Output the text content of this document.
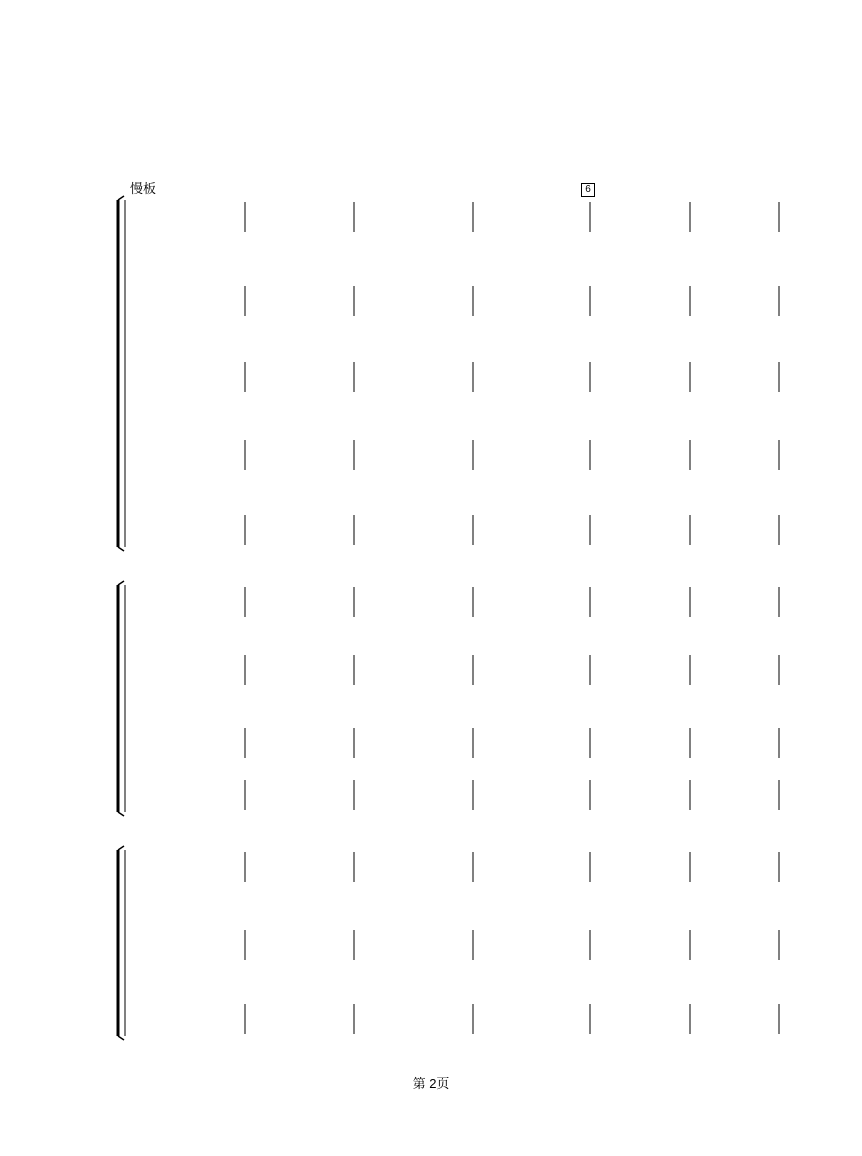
慢板	6
第 2页
